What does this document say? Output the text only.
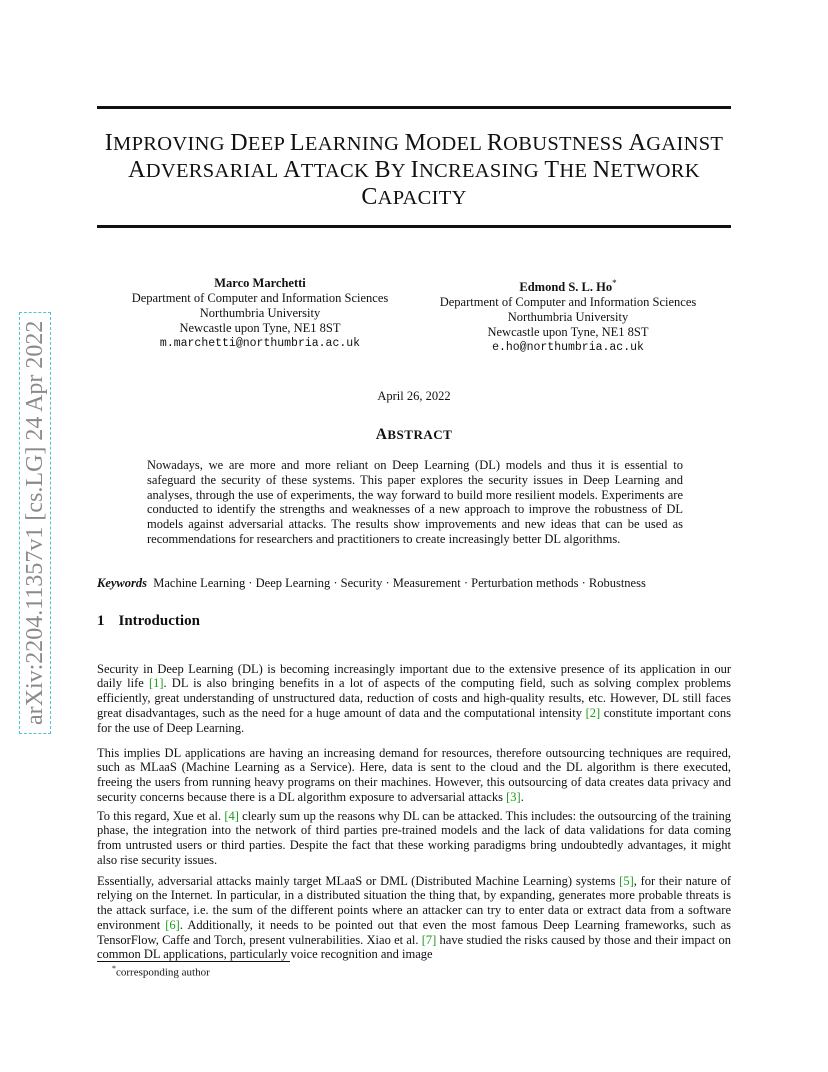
IMPROVING DEEP LEARNING MODEL ROBUSTNESS AGAINST
ADVERSARIAL ATTACK BY INCREASING THE NETWORK
CAPACITY
Marco Marchetti
Department of Computer and Information Sciences
Northumbria University
Newcastle upon Tyne, NE1 8ST
m.marchetti@northumbria.ac.uk
Edmond S. L. Ho*
Department of Computer and Information Sciences
Northumbria University
Newcastle upon Tyne, NE1 8ST
e.ho@northumbria.ac.uk
April 26, 2022
ABSTRACT
Nowadays, we are more and more reliant on Deep Learning (DL) models and thus it is essential to safeguard the security of these systems. This paper explores the security issues in Deep Learning and analyses, through the use of experiments, the way forward to build more resilient models. Experiments are conducted to identify the strengths and weaknesses of a new approach to improve the robustness of DL models against adversarial attacks. The results show improvements and new ideas that can be used as recommendations for researchers and practitioners to create increasingly better DL algorithms.
Keywords Machine Learning · Deep Learning · Security · Measurement · Perturbation methods · Robustness
1 Introduction

Security in Deep Learning (DL) is becoming increasingly important due to the extensive presence of its application in our daily life [1]. DL is also bringing benefits in a lot of aspects of the computing field, such as solving complex problems efficiently, great understanding of unstructured data, reduction of costs and high-quality results, etc. However, DL still faces great disadvantages, such as the need for a huge amount of data and the computational intensity [2] constitute important cons for the use of Deep Learning.

This implies DL applications are having an increasing demand for resources, therefore outsourcing techniques are required, such as MLaaS (Machine Learning as a Service). Here, data is sent to the cloud and the DL algorithm is there executed, freeing the users from running heavy programs on their machines. However, this outsourcing of data creates data privacy and security concerns because there is a DL algorithm exposure to adversarial attacks [3].

To this regard, Xue et al. [4] clearly sum up the reasons why DL can be attacked. This includes: the outsourcing of the training phase, the integration into the network of third parties pre-trained models and the lack of data validations for data coming from untrusted users or third parties. Despite the fact that these working paradigms bring undoubtedly advantages, it might also rise security issues.

Essentially, adversarial attacks mainly target MLaaS or DML (Distributed Machine Learning) systems [5], for their nature of relying on the Internet. In particular, in a distributed situation the thing that, by expanding, generates more probable threats is the attack surface, i.e. the sum of the different points where an attacker can try to enter data or extract data from a software environment [6]. Additionally, it needs to be pointed out that even the most famous Deep Learning frameworks, such as TensorFlow, Caffe and Torch, present vulnerabilities. Xiao et al. [7] have studied the risks caused by those and their impact on common DL applications, particularly voice recognition and image

*corresponding author
arXiv:2204.11357v1 [cs.LG] 24 Apr 2022
